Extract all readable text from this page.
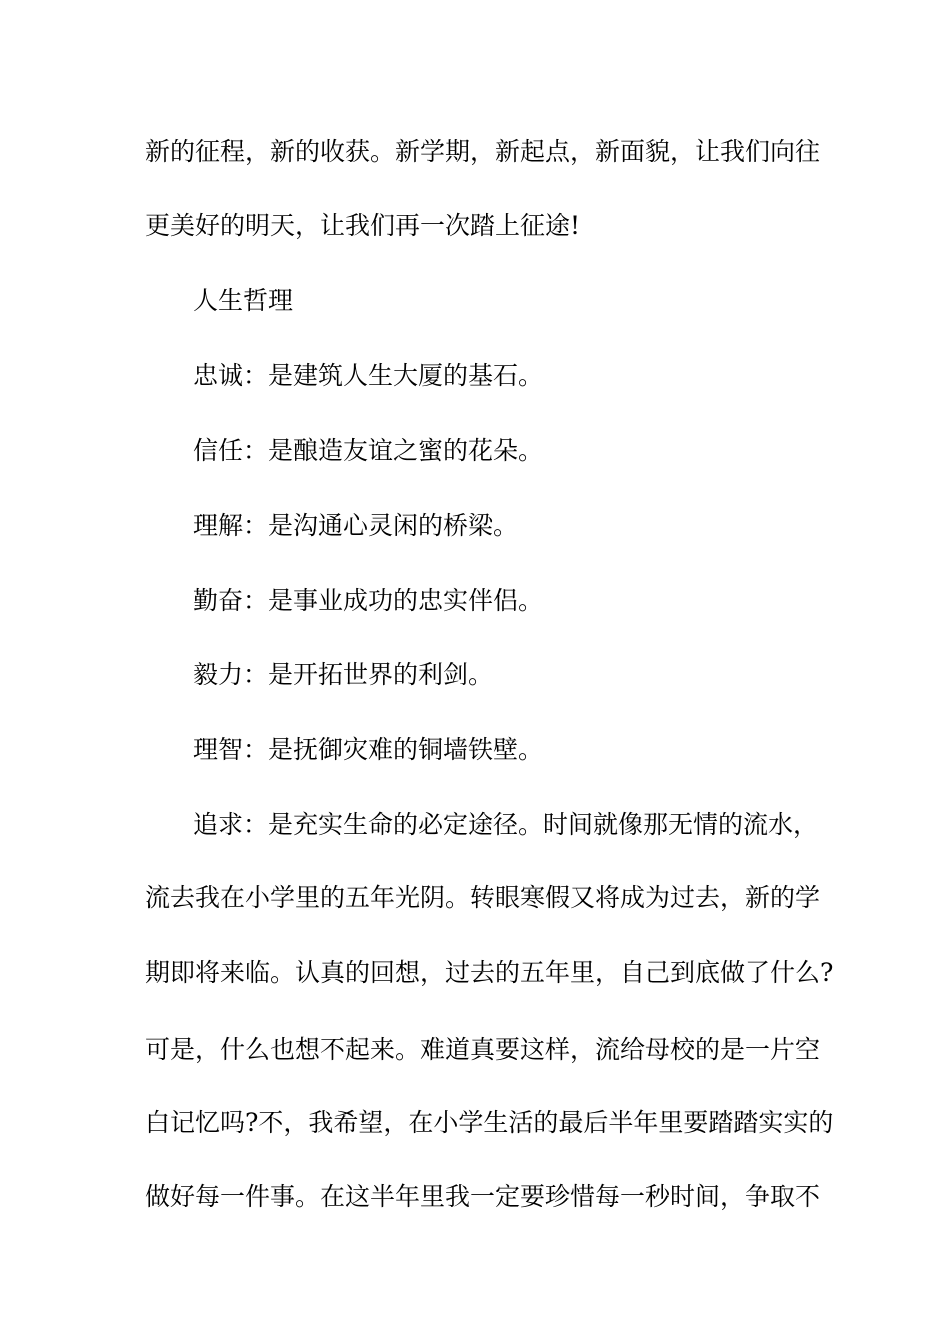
新的征程，新的收获。新学期，新起点，新面貌，让我们向往
更美好的明天，让我们再一次踏上征途!
人生哲理
忠诚：是建筑人生大厦的基石。
信任：是酿造友谊之蜜的花朵。
理解：是沟通心灵闲的桥梁。
勤奋：是事业成功的忠实伴侣。
毅力：是开拓世界的利剑。
理智：是抚御灾难的铜墙铁壁。
追求：是充实生命的必定途径。时间就像那无情的流水，
流去我在小学里的五年光阴。转眼寒假又将成为过去，新的学
期即将来临。认真的回想，过去的五年里，自己到底做了什么?
可是，什么也想不起来。难道真要这样，流给母校的是一片空
白记忆吗?不，我希望，在小学生活的最后半年里要踏踏实实的
做好每一件事。在这半年里我一定要珍惜每一秒时间，争取不
